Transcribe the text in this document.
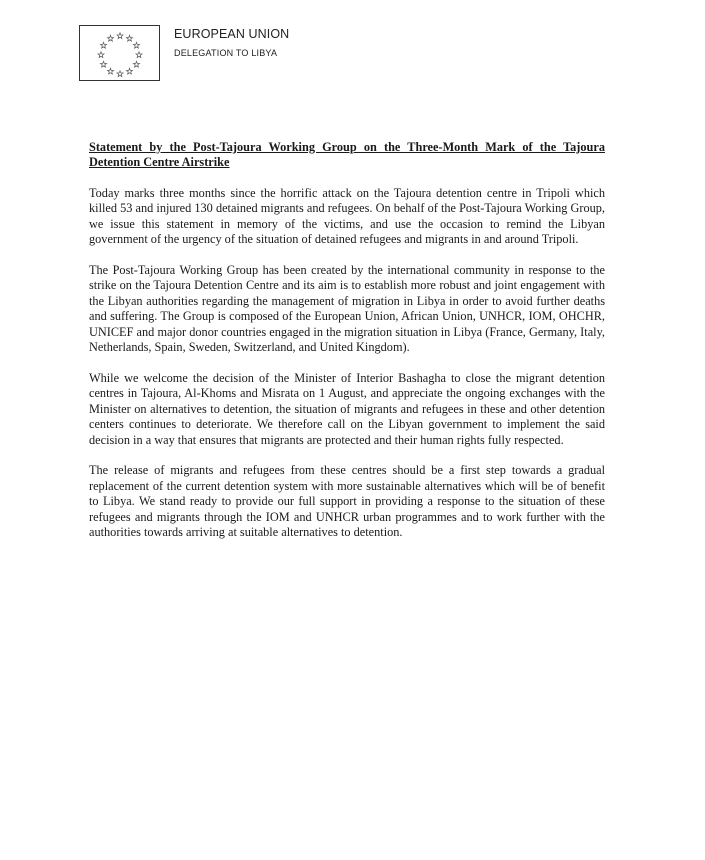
EUROPEAN UNION
DELEGATION TO LIBYA

Statement by the Post-Tajoura Working Group on the Three-Month Mark of the Tajoura Detention Centre Airstrike

Today marks three months since the horrific attack on the Tajoura detention centre in Tripoli which killed 53 and injured 130 detained migrants and refugees. On behalf of the Post-Tajoura Working Group, we issue this statement in memory of the victims, and use the occasion to remind the Libyan government of the urgency of the situation of detained refugees and migrants in and around Tripoli.

The Post-Tajoura Working Group has been created by the international community in response to the strike on the Tajoura Detention Centre and its aim is to establish more robust and joint engagement with the Libyan authorities regarding the management of migration in Libya in order to avoid further deaths and suffering. The Group is composed of the European Union, African Union, UNHCR, IOM, OHCHR, UNICEF and major donor countries engaged in the migration situation in Libya (France, Germany, Italy, Netherlands, Spain, Sweden, Switzerland, and United Kingdom).

While we welcome the decision of the Minister of Interior Bashagha to close the migrant detention centres in Tajoura, Al-Khoms and Misrata on 1 August, and appreciate the ongoing exchanges with the Minister on alternatives to detention, the situation of migrants and refugees in these and other detention centers continues to deteriorate. We therefore call on the Libyan government to implement the said decision in a way that ensures that migrants are protected and their human rights fully respected.

The release of migrants and refugees from these centres should be a first step towards a gradual replacement of the current detention system with more sustainable alternatives which will be of benefit to Libya. We stand ready to provide our full support in providing a response to the situation of these refugees and migrants through the IOM and UNHCR urban programmes and to work further with the authorities towards arriving at suitable alternatives to detention.
